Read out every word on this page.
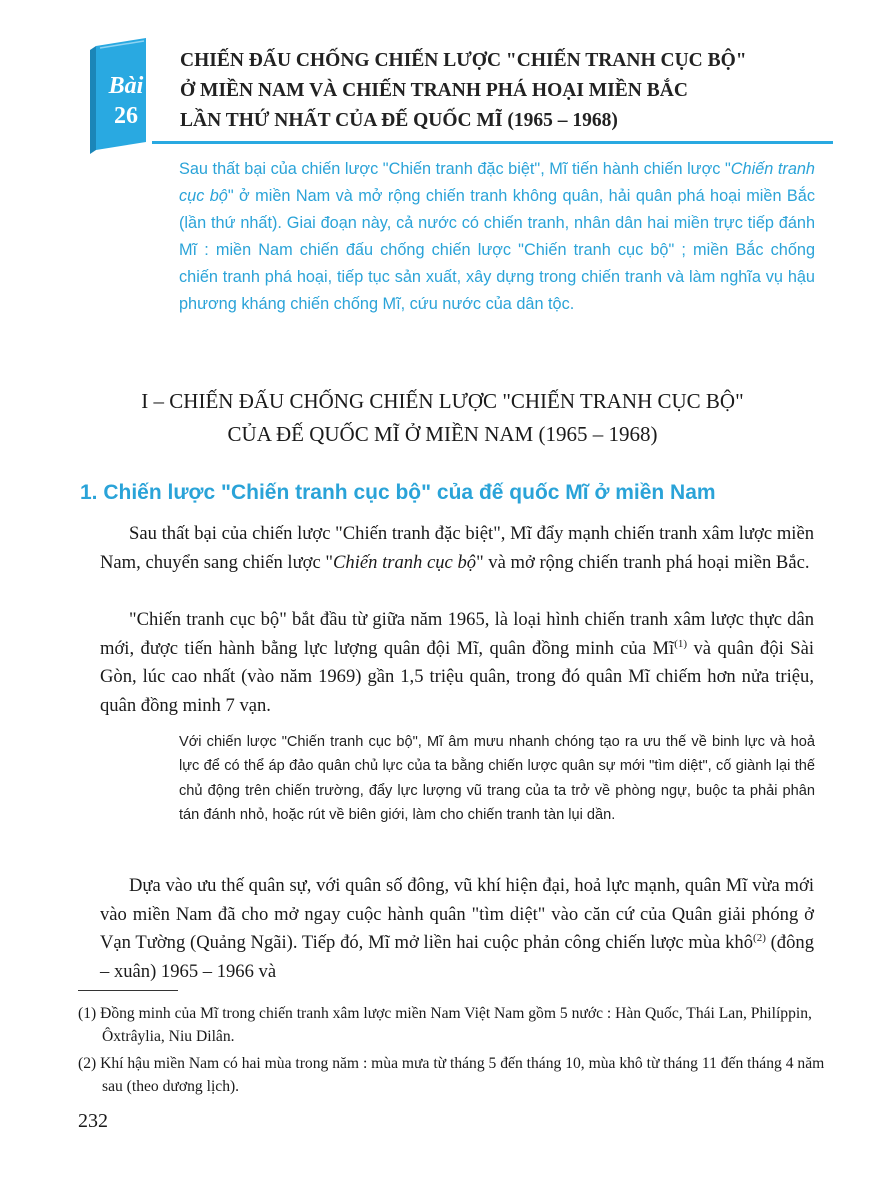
Bài
26
CHIẾN ĐẤU CHỐNG CHIẾN LƯỢC "CHIẾN TRANH CỤC BỘ"
Ở MIỀN NAM VÀ CHIẾN TRANH PHÁ HOẠI MIỀN BẮC
LẦN THỨ NHẤT CỦA ĐẾ QUỐC MĨ (1965 – 1968)

Sau thất bại của chiến lược "Chiến tranh đặc biệt", Mĩ tiến hành chiến lược "Chiến tranh cục bộ" ở miền Nam và mở rộng chiến tranh không quân, hải quân phá hoại miền Bắc (lần thứ nhất). Giai đoạn này, cả nước có chiến tranh, nhân dân hai miền trực tiếp đánh Mĩ : miền Nam chiến đấu chống chiến lược "Chiến tranh cục bộ" ; miền Bắc chống chiến tranh phá hoại, tiếp tục sản xuất, xây dựng trong chiến tranh và làm nghĩa vụ hậu phương kháng chiến chống Mĩ, cứu nước của dân tộc.

I – CHIẾN ĐẤU CHỐNG CHIẾN LƯỢC "CHIẾN TRANH CỤC BỘ"
CỦA ĐẾ QUỐC MĨ Ở MIỀN NAM (1965 – 1968)
1. Chiến lược "Chiến tranh cục bộ" của đế quốc Mĩ ở miền Nam

Sau thất bại của chiến lược "Chiến tranh đặc biệt", Mĩ đẩy mạnh chiến tranh xâm lược miền Nam, chuyển sang chiến lược "Chiến tranh cục bộ" và mở rộng chiến tranh phá hoại miền Bắc.

"Chiến tranh cục bộ" bắt đầu từ giữa năm 1965, là loại hình chiến tranh xâm lược thực dân mới, được tiến hành bằng lực lượng quân đội Mĩ, quân đồng minh của $Mĩ^{(1)}$ và quân đội Sài Gòn, lúc cao nhất (vào năm 1969) gần 1,5 triệu quân, trong đó quân Mĩ chiếm hơn nửa triệu, quân đồng minh 7 vạn.

Với chiến lược "Chiến tranh cục bộ", Mĩ âm mưu nhanh chóng tạo ra ưu thế về binh lực và hoả lực để có thể áp đảo quân chủ lực của ta bằng chiến lược quân sự mới "tìm diệt", cố giành lại thế chủ động trên chiến trường, đẩy lực lượng vũ trang của ta trở về phòng ngự, buộc ta phải phân tán đánh nhỏ, hoặc rút về biên giới, làm cho chiến tranh tàn lụi dần.

Dựa vào ưu thế quân sự, với quân số đông, vũ khí hiện đại, hoả lực mạnh, quân Mĩ vừa mới vào miền Nam đã cho mở ngay cuộc hành quân "tìm diệt" vào căn cứ của Quân giải phóng ở Vạn Tường (Quảng Ngãi). Tiếp đó, Mĩ mở liền hai cuộc phản công chiến lược mùa khô$^{(2)}$ (đông – xuân) 1965 – 1966 và

(1) Đồng minh của Mĩ trong chiến tranh xâm lược miền Nam Việt Nam gồm 5 nước : Hàn Quốc, Thái Lan, Philíppin, Ôxtrâylia, Niu Dilân.

(2) Khí hậu miền Nam có hai mùa trong năm : mùa mưa từ tháng 5 đến tháng 10, mùa khô từ tháng 11 đến tháng 4 năm sau (theo dương lịch).

232
